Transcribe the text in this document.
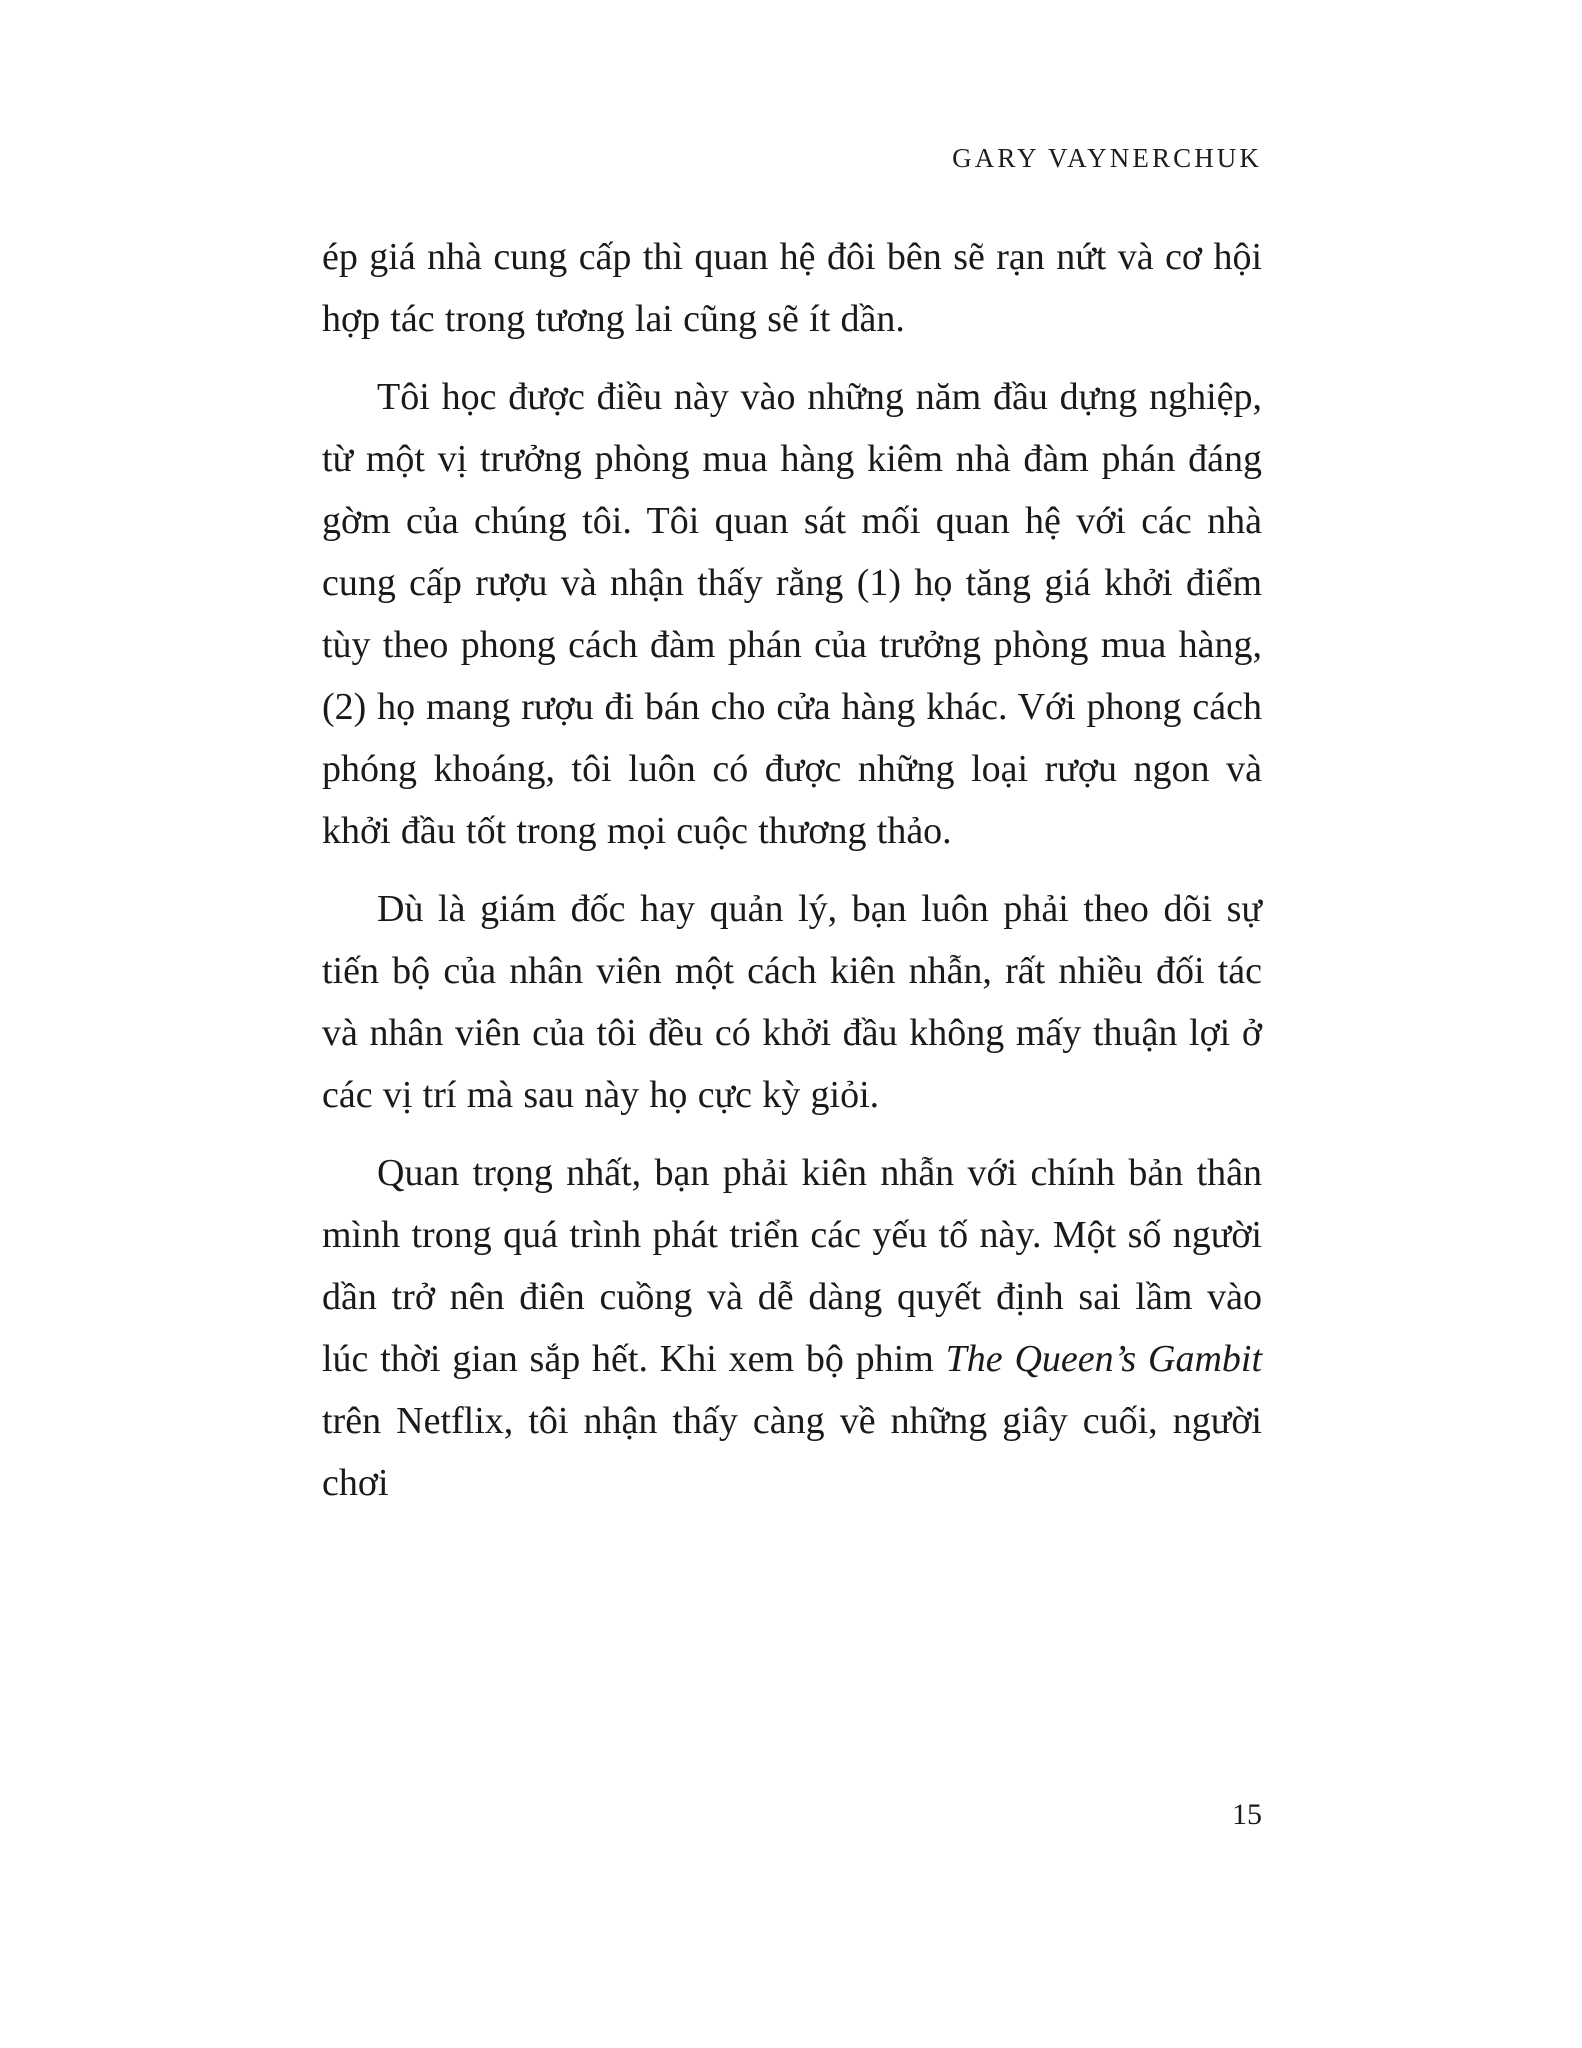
GARY VAYNERCHUK

ép giá nhà cung cấp thì quan hệ đôi bên sẽ rạn nứt và cơ hội hợp tác trong tương lai cũng sẽ ít dần.

Tôi học được điều này vào những năm đầu dựng nghiệp, từ một vị trưởng phòng mua hàng kiêm nhà đàm phán đáng gờm của chúng tôi. Tôi quan sát mối quan hệ với các nhà cung cấp rượu và nhận thấy rằng (1) họ tăng giá khởi điểm tùy theo phong cách đàm phán của trưởng phòng mua hàng, (2) họ mang rượu đi bán cho cửa hàng khác. Với phong cách phóng khoáng, tôi luôn có được những loại rượu ngon và khởi đầu tốt trong mọi cuộc thương thảo.

Dù là giám đốc hay quản lý, bạn luôn phải theo dõi sự tiến bộ của nhân viên một cách kiên nhẫn, rất nhiều đối tác và nhân viên của tôi đều có khởi đầu không mấy thuận lợi ở các vị trí mà sau này họ cực kỳ giỏi.

Quan trọng nhất, bạn phải kiên nhẫn với chính bản thân mình trong quá trình phát triển các yếu tố này. Một số người dần trở nên điên cuồng và dễ dàng quyết định sai lầm vào lúc thời gian sắp hết. Khi xem bộ phim The Queen’s Gambit trên Netflix, tôi nhận thấy càng về những giây cuối, người chơi

15
